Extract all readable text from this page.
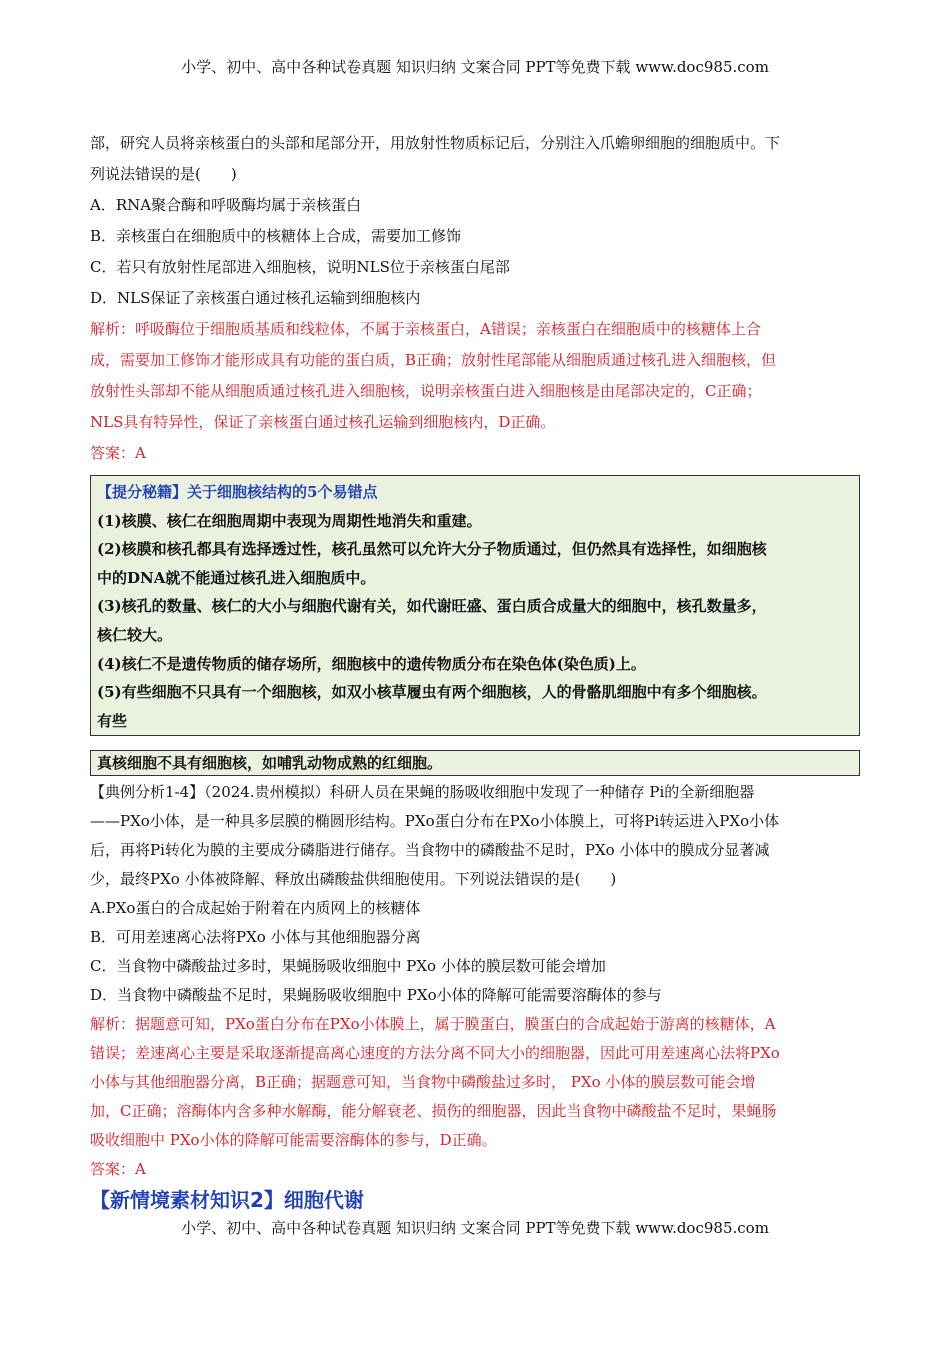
小学、初中、高中各种试卷真题 知识归纳 文案合同 PPT等免费下载 www.doc985.com

部，研究人员将亲核蛋白的头部和尾部分开，用放射性物质标记后，分别注入爪蟾卵细胞的细胞质中。下

列说法错误的是(　　)

A．RNA聚合酶和呼吸酶均属于亲核蛋白

B．亲核蛋白在细胞质中的核糖体上合成，需要加工修饰

C．若只有放射性尾部进入细胞核，说明NLS位于亲核蛋白尾部

D．NLS保证了亲核蛋白通过核孔运输到细胞核内

解析：呼吸酶位于细胞质基质和线粒体，不属于亲核蛋白，A错误；亲核蛋白在细胞质中的核糖体上合

成，需要加工修饰才能形成具有功能的蛋白质，B正确；放射性尾部能从细胞质通过核孔进入细胞核，但

放射性头部却不能从细胞质通过核孔进入细胞核，说明亲核蛋白进入细胞核是由尾部决定的，C正确；

NLS具有特异性，保证了亲核蛋白通过核孔运输到细胞核内，D正确。

答案：A

【提分秘籍】关于细胞核结构的5个易错点

(1)核膜、核仁在细胞周期中表现为周期性地消失和重建。

(2)核膜和核孔都具有选择透过性，核孔虽然可以允许大分子物质通过，但仍然具有选择性，如细胞核

中的DNA就不能通过核孔进入细胞质中。

(3)核孔的数量、核仁的大小与细胞代谢有关，如代谢旺盛、蛋白质合成量大的细胞中，核孔数量多，

核仁较大。

(4)核仁不是遗传物质的储存场所，细胞核中的遗传物质分布在染色体(染色质)上。

(5)有些细胞不只具有一个细胞核，如双小核草履虫有两个细胞核，人的骨骼肌细胞中有多个细胞核。

有些

真核细胞不具有细胞核，如哺乳动物成熟的红细胞。

【典例分析1-4】（2024.贵州模拟）科研人员在果蝇的肠吸收细胞中发现了一种储存 Pi的全新细胞器

——PXo小体，是一种具多层膜的椭圆形结构。PXo蛋白分布在PXo小体膜上，可将Pi转运进入PXo小体

后，再将Pi转化为膜的主要成分磷脂进行储存。当食物中的磷酸盐不足时，PXo 小体中的膜成分显著减

少，最终PXo 小体被降解、释放出磷酸盐供细胞使用。下列说法错误的是(　　)

A.PXo蛋白的合成起始于附着在内质网上的核糖体

B．可用差速离心法将PXo 小体与其他细胞器分离

C．当食物中磷酸盐过多时，果蝇肠吸收细胞中 PXo 小体的膜层数可能会增加

D．当食物中磷酸盐不足时，果蝇肠吸收细胞中 PXo小体的降解可能需要溶酶体的参与

解析：据题意可知，PXo蛋白分布在PXo小体膜上，属于膜蛋白，膜蛋白的合成起始于游离的核糖体，A

错误；差速离心主要是采取逐渐提高离心速度的方法分离不同大小的细胞器，因此可用差速离心法将PXo

小体与其他细胞器分离，B正确；据题意可知，当食物中磷酸盐过多时， PXo 小体的膜层数可能会增

加，C正确；溶酶体内含多种水解酶，能分解衰老、损伤的细胞器，因此当食物中磷酸盐不足时，果蝇肠

吸收细胞中 PXo小体的降解可能需要溶酶体的参与，D正确。

答案：A

【新情境素材知识2】细胞代谢
小学、初中、高中各种试卷真题 知识归纳 文案合同 PPT等免费下载 www.doc985.com
